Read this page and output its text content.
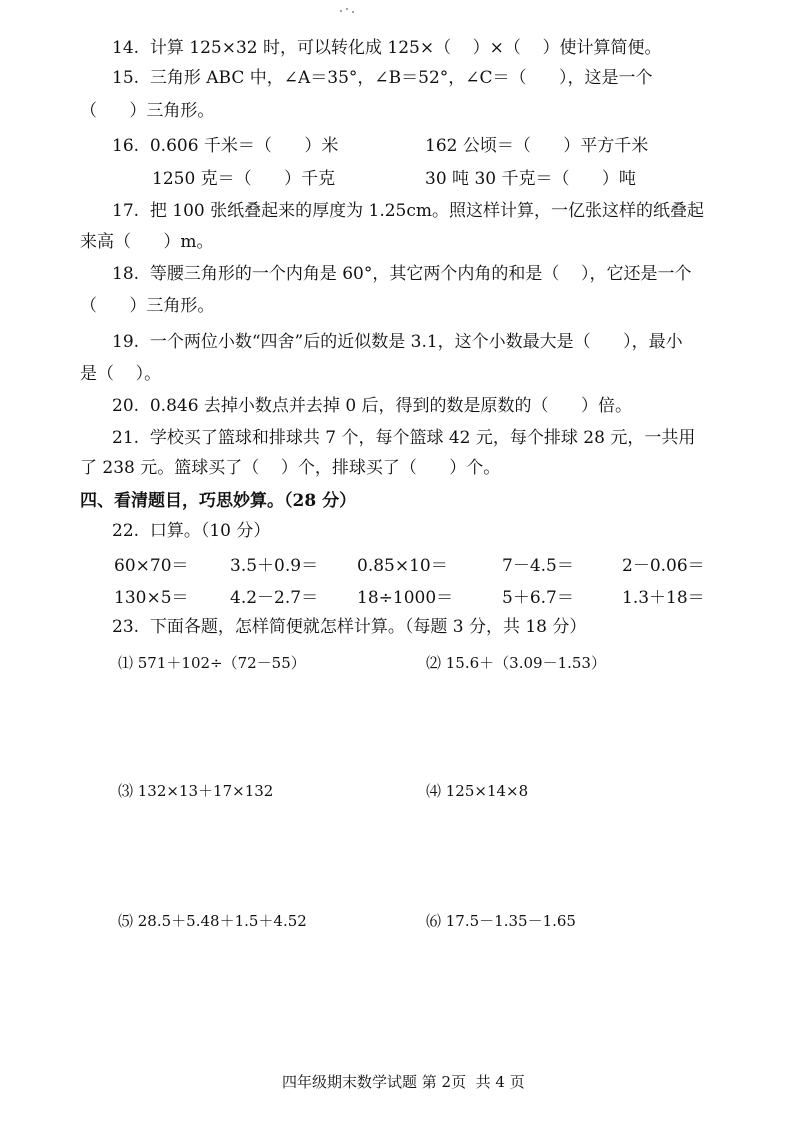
14.  计算 125×32 时，可以转化成 125×（    ）×（    ）使计算简便。
15.  三角形 ABC 中，∠A＝35°，∠B＝52°，∠C＝（      ），这是一个
（      ）三角形。
16.  0.606 千米＝（      ）米	162 公顷＝（      ）平方千米
1250 克＝（      ）千克	30 吨 30 千克＝（      ）吨
17.  把 100 张纸叠起来的厚度为 1.25cm。照这样计算，一亿张这样的纸叠起
来高（      ）m。
18.  等腰三角形的一个内角是 60°，其它两个内角的和是（    ），它还是一个
（      ）三角形。
19.  一个两位小数“四舍”后的近似数是 3.1，这个小数最大是（      ），最小
是（    ）。
20.  0.846 去掉小数点并去掉 0 后，得到的数是原数的（      ）倍。
21.  学校买了篮球和排球共 7 个，每个篮球 42 元，每个排球 28 元，一共用
了 238 元。篮球买了（    ）个，排球买了（      ）个。
四、看清题目，巧思妙算。（28 分）
22.  口算。（10 分）
60×70＝ 3.5＋0.9＝ 0.85×10＝	7－4.5＝	2－0.06＝
130×5＝ 4.2－2.7＝ 18÷1000＝	5＋6.7＝	1.3＋18＝
23.  下面各题，怎样简便就怎样计算。（每题 3 分，共 18 分）
⑴ 571＋102÷（72－55）	⑵ 15.6＋（3.09－1.53）
⑶ 132×13＋17×132	⑷ 125×14×8
⑸ 28.5＋5.48＋1.5＋4.52	⑹ 17.5－1.35－1.65
四年级期末数学试题 第 2页  共 4 页
